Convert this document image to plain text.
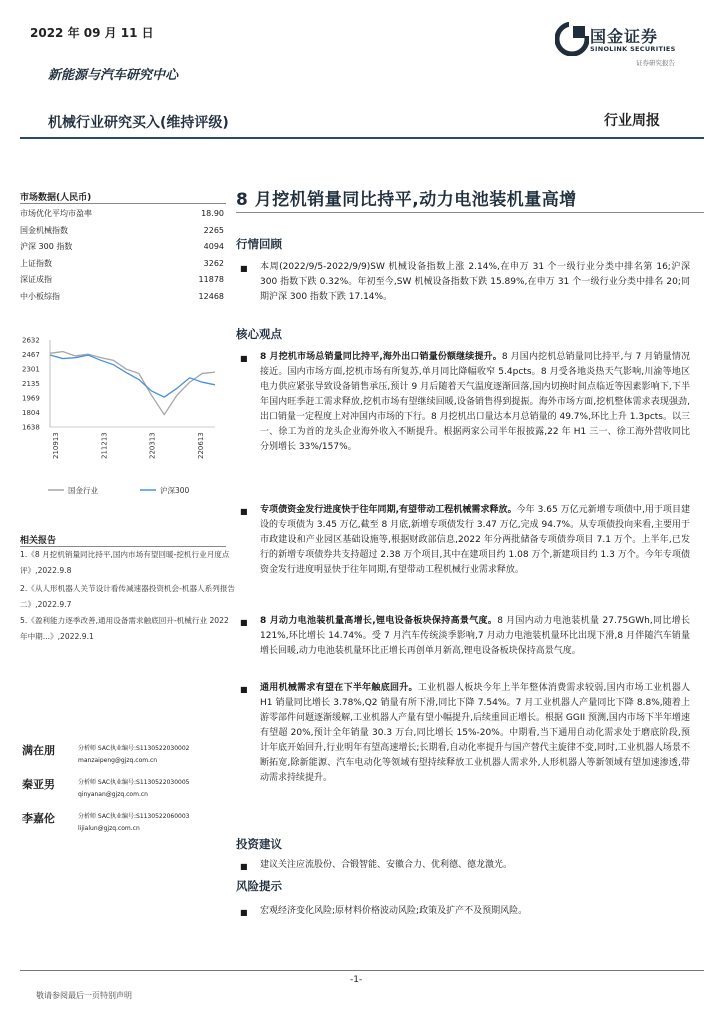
2022 年 09 月 11 日
新能源与汽车研究中心
机械行业研究买入(维持评级)
国金证券
SINOLINK SECURITIES
证券研究报告
行业周报
市场数据(人民币)
市场优化平均市盈率	18.90
国金机械指数	2265
沪深 300 指数	4094
上证指数	3262
深证成指	11878
中小板综指	12468
2632
2467
2301
2135
1969
1804
1638
210913	211213	220313	220613
国金行业	沪深300
相关报告
1.《8 月挖机销量同比持平,国内市场有望回暖-挖机行业月度点评》,2022.9.8
2.《从人形机器人关节设计看传减速器投资机会-机器人系列报告二》,2022.9.7
5.《盈利能力逐季改善,通用设备需求触底回升-机械行业 2022 年中期...》,2022.9.1
满在朋	分析师 SAC执业编号:S1130522030002
manzaipeng@gjzq.com.cn
秦亚男	分析师 SAC执业编号:S1130522030005
qinyanan@gjzq.com.cn
李嘉伦	分析师 SAC执业编号:S1130522060003
lijialun@gjzq.com.cn
8 月挖机销量同比持平,动力电池装机量高增
行情回顾
■ 本周(2022/9/5-2022/9/9)SW 机械设备指数上涨 2.14%,在申万 31 个一级行业分类中排名第 16;沪深 300 指数下跌 0.32%。年初至今,SW 机械设备指数下跌 15.89%,在申万 31 个一级行业分类中排名 20;同期沪深 300 指数下跌 17.14%。
核心观点
■ 8 月挖机市场总销量同比持平,海外出口销量份额继续提升。8 月国内挖机总销量同比持平,与 7 月销量情况接近。国内市场方面,挖机市场有所复苏,单月同比降幅收窄 5.4pcts。8 月受各地炎热天气影响,川渝等地区电力供应紧张导致设备销售承压,预计 9 月后随着天气温度逐渐回落,国内切换时间点临近等因素影响下,下半年国内旺季赶工需求释放,挖机市场有望继续回暖,设备销售得到提振。海外市场方面,挖机整体需求表现强劲,出口销量一定程度上对冲国内市场的下行。8 月挖机出口量达本月总销量的 49.7%,环比上升 1.3pcts。以三一、徐工为首的龙头企业海外收入不断提升。根据两家公司半年报披露,22 年 H1 三一、徐工海外营收同比分别增长 33%/157%。
■ 专项债资金发行进度快于往年同期,有望带动工程机械需求释放。今年 3.65 万亿元新增专项债中,用于项目建设的专项债为 3.45 万亿,截至 8 月底,新增专项债发行 3.47 万亿,完成 94.7%。从专项债投向来看,主要用于市政建设和产业园区基础设施等,根据财政部信息,2022 年分两批储备专项债券项目 7.1 万个。上半年,已发行的新增专项债券共支持超过 2.38 万个项目,其中在建项目约 1.08 万个,新建项目约 1.3 万个。今年专项债资金发行进度明显快于往年同期,有望带动工程机械行业需求释放。
■ 8 月动力电池装机量高增长,锂电设备板块保持高景气度。8 月国内动力电池装机量 27.75GWh,同比增长 121%,环比增长 14.74%。受 7 月汽车传统淡季影响,7 月动力电池装机量环比出现下滑,8 月伴随汽车销量增长回暖,动力电池装机量环比正增长再创单月新高,锂电设备板块保持高景气度。
■ 通用机械需求有望在下半年触底回升。工业机器人板块今年上半年整体消费需求较弱,国内市场工业机器人 H1 销量同比增长 3.78%,Q2 销量有所下滑,同比下降 7.54%。7 月工业机器人产量同比下降 8.8%,随着上游零部件问题逐渐缓解,工业机器人产量有望小幅提升,后续重回正增长。根据 GGII 预测,国内市场下半年增速有望超 20%,预计全年销量 30.3 万台,同比增长 15%-20%。中期看,当下通用自动化需求处于磨底阶段,预计年底开始回升,行业明年有望高速增长;长期看,自动化率提升与国产替代主旋律不变,同时,工业机器人场景不断拓宽,除新能源、汽车电动化等领域有望持续释放工业机器人需求外,人形机器人等新领域有望加速渗透,带动需求持续提升。
投资建议
■ 建议关注应流股份、合锻智能、安徽合力、优利德、德龙激光。
风险提示
■ 宏观经济变化风险;原材料价格波动风险;政策及扩产不及预期风险。
-1-
敬请参阅最后一页特别声明
